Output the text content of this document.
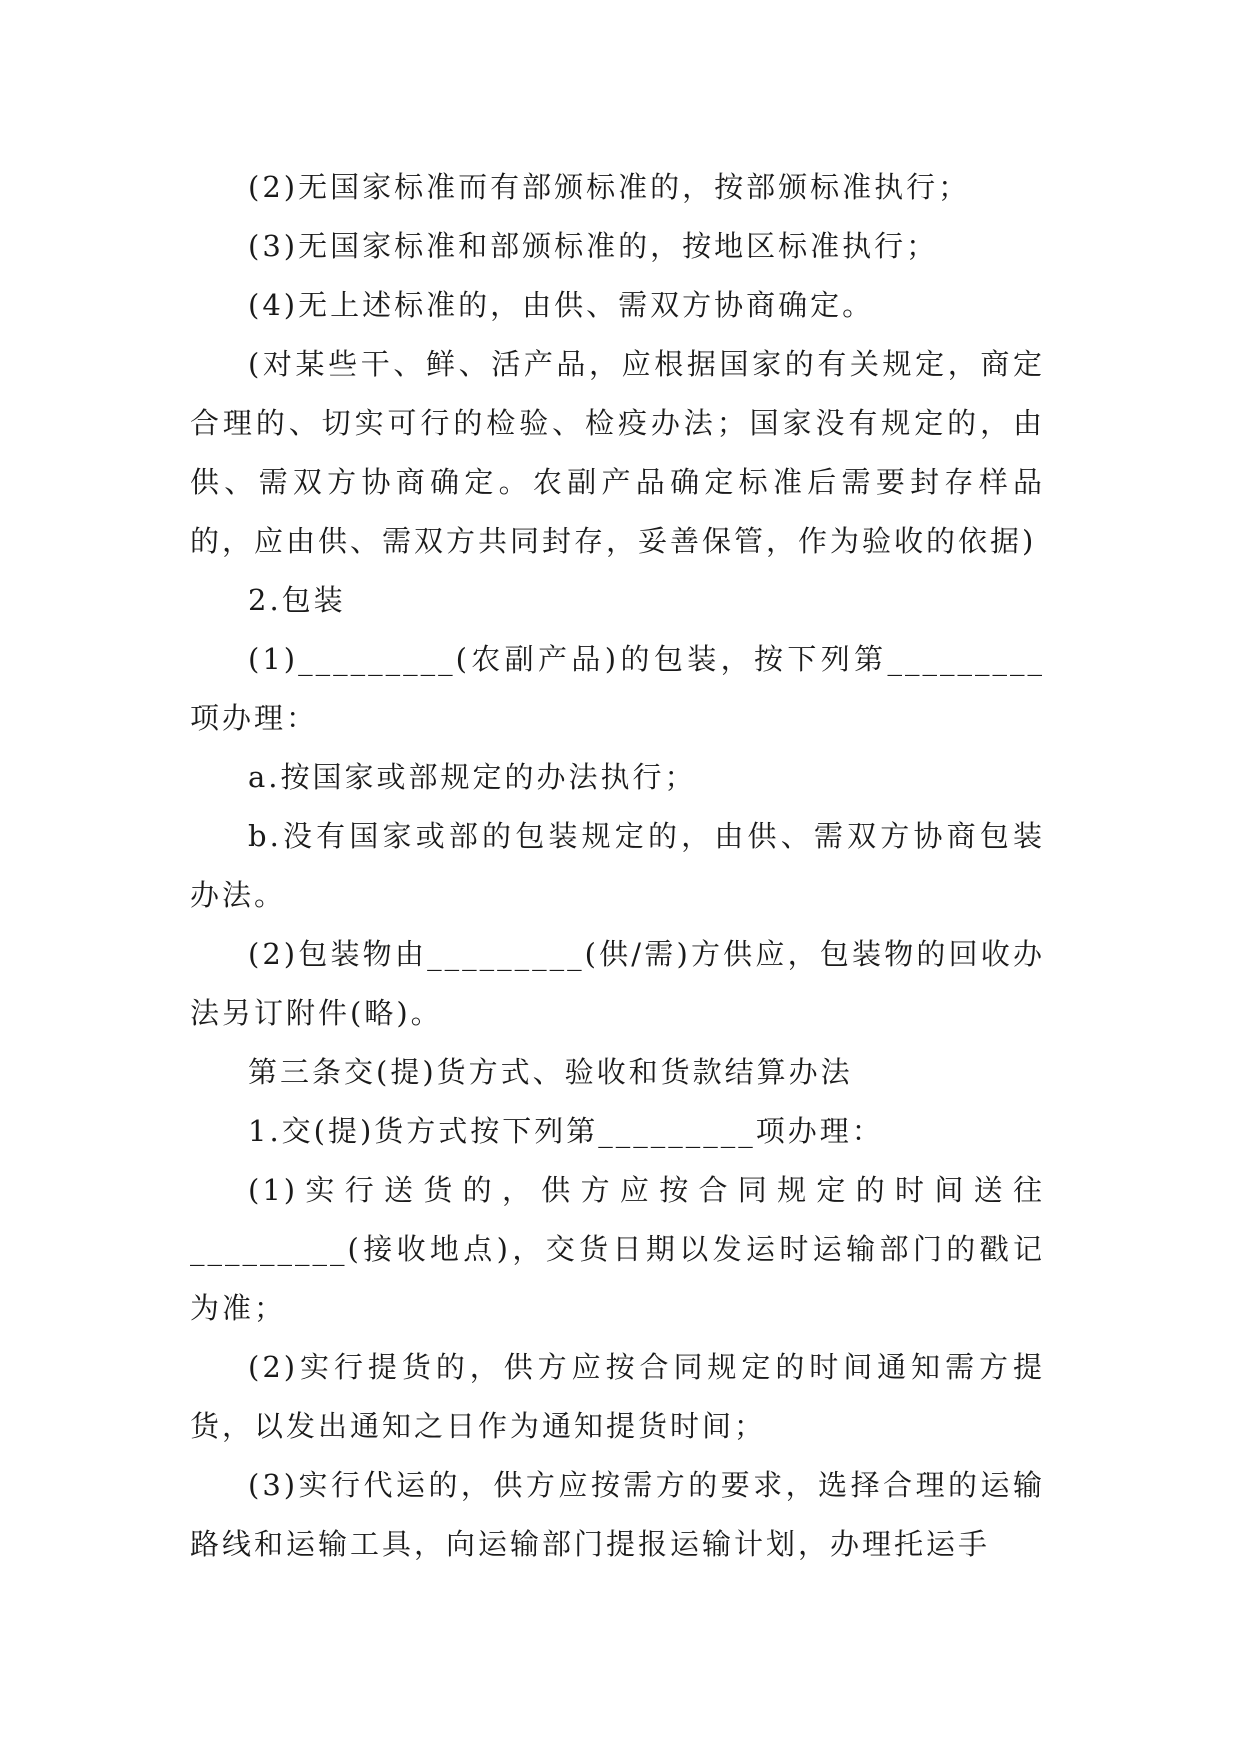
(2)无国家标准而有部颁标准的，按部颁标准执行；

(3)无国家标准和部颁标准的，按地区标准执行；

(4)无上述标准的，由供、需双方协商确定。

(对某些干、鲜、活产品，应根据国家的有关规定，商定合理的、切实可行的检验、检疫办法；国家没有规定的，由供、需双方协商确定。农副产品确定标准后需要封存样品的，应由供、需双方共同封存，妥善保管，作为验收的依据)

2.包装

(1)_________(农副产品)的包装，按下列第_________项办理：

a.按国家或部规定的办法执行；

b.没有国家或部的包装规定的，由供、需双方协商包装办法。

(2)包装物由_________(供/需)方供应，包装物的回收办法另订附件(略)。

第三条交(提)货方式、验收和货款结算办法

1.交(提)货方式按下列第_________项办理：

(1)实行送货的，供方应按合同规定的时间送往_________(接收地点)，交货日期以发运时运输部门的戳记为准；

(2)实行提货的，供方应按合同规定的时间通知需方提货，以发出通知之日作为通知提货时间；

(3)实行代运的，供方应按需方的要求，选择合理的运输路线和运输工具，向运输部门提报运输计划，办理托运手
